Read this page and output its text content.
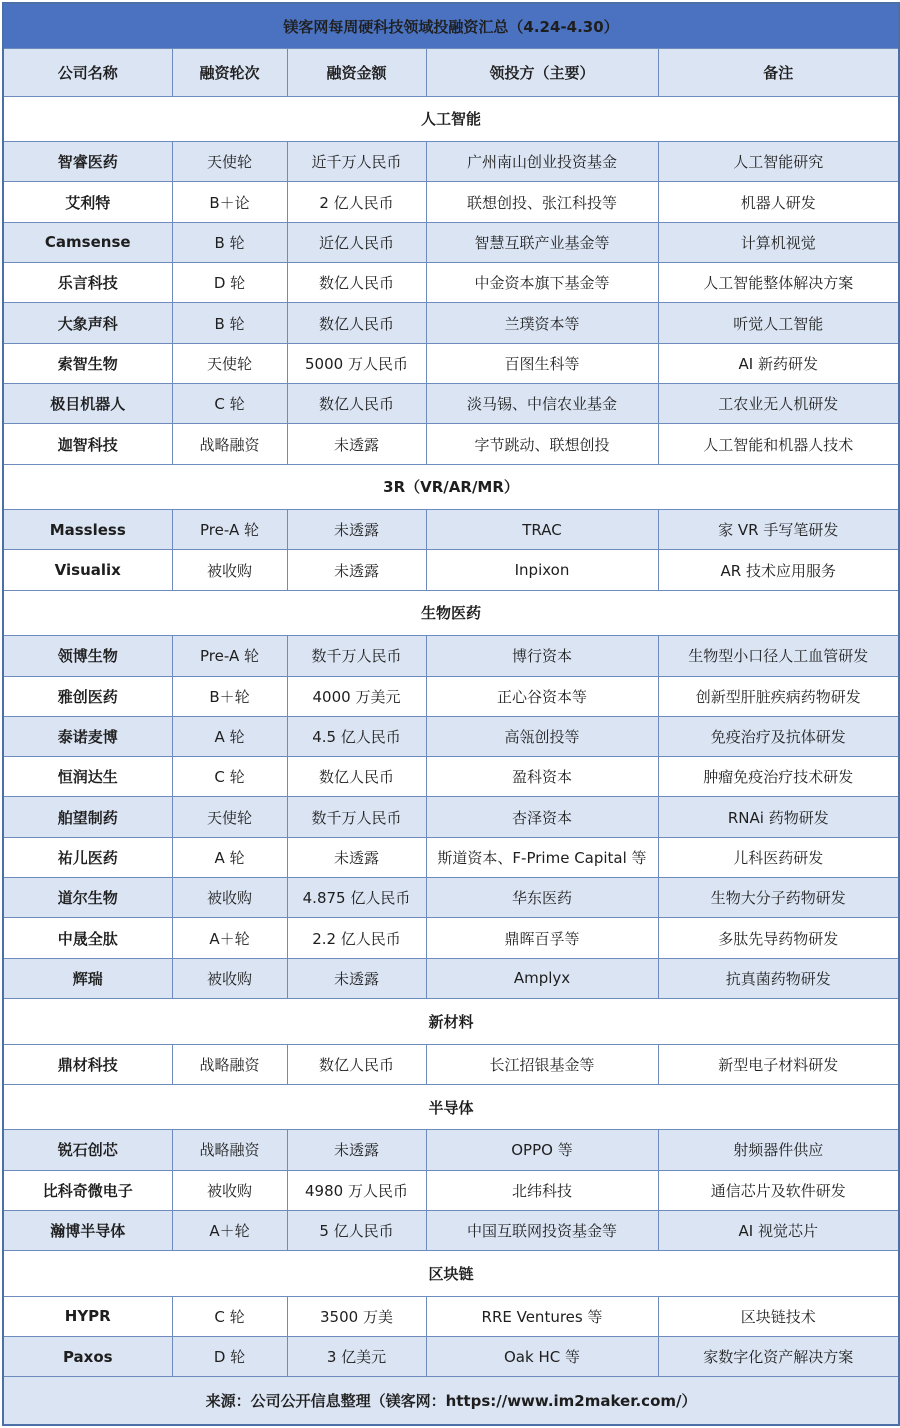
镁客网每周硬科技领域投融资汇总（4.24-4.30）				
公司名称	融资轮次	融资金额	领投方（主要）	备注
人工智能				
智睿医药	天使轮	近千万人民币	广州南山创业投资基金	人工智能研究
艾利特	B＋论	2 亿人民币	联想创投、张江科投等	机器人研发
Camsense	B 轮	近亿人民币	智慧互联产业基金等	计算机视觉
乐言科技	D 轮	数亿人民币	中金资本旗下基金等	人工智能整体解决方案
大象声科	B 轮	数亿人民币	兰璞资本等	听觉人工智能
索智生物	天使轮	5000 万人民币	百图生科等	AI 新药研发
极目机器人	C 轮	数亿人民币	淡马锡、中信农业基金	工农业无人机研发
迦智科技	战略融资	未透露	字节跳动、联想创投	人工智能和机器人技术
3R（VR/AR/MR）				
Massless	Pre-A 轮	未透露	TRAC	家 VR 手写笔研发
Visualix	被收购	未透露	Inpixon	AR 技术应用服务
生物医药				
领博生物	Pre-A 轮	数千万人民币	博行资本	生物型小口径人工血管研发
雅创医药	B＋轮	4000 万美元	正心谷资本等	创新型肝脏疾病药物研发
泰诺麦博	A 轮	4.5 亿人民币	高瓴创投等	免疫治疗及抗体研发
恒润达生	C 轮	数亿人民币	盈科资本	肿瘤免疫治疗技术研发
舶望制药	天使轮	数千万人民币	杏泽资本	RNAi 药物研发
祐儿医药	A 轮	未透露	斯道资本、F-Prime Capital 等	儿科医药研发
道尔生物	被收购	4.875 亿人民币	华东医药	生物大分子药物研发
中晟全肽	A＋轮	2.2 亿人民币	鼎晖百孚等	多肽先导药物研发
辉瑞	被收购	未透露	Amplyx	抗真菌药物研发
新材料				
鼎材科技	战略融资	数亿人民币	长江招银基金等	新型电子材料研发
半导体				
锐石创芯	战略融资	未透露	OPPO 等	射频器件供应
比科奇微电子	被收购	4980 万人民币	北纬科技	通信芯片及软件研发
瀚博半导体	A＋轮	5 亿人民币	中国互联网投资基金等	AI 视觉芯片
区块链				
HYPR	C 轮	3500 万美	RRE Ventures 等	区块链技术
Paxos	D 轮	3 亿美元	Oak HC 等	家数字化资产解决方案
来源：公司公开信息整理（镁客网：https://www.im2maker.com/）				
